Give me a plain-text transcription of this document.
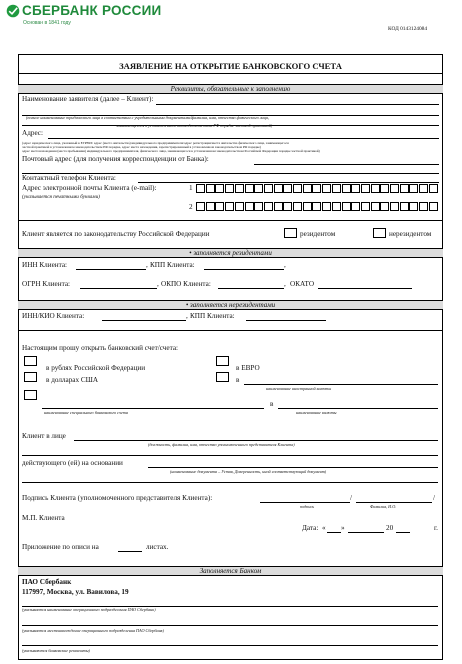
СБЕРБАНК РОССИИ
Основан в 1841 году
КОД 0143124084
ЗАЯВЛЕНИЕ НА ОТКРЫТИЕ БАНКОВСКОГО СЧЕТА
Реквизиты, обязательные к заполнению
Наименование заявителя (далее – Клиент):
(полное наименование юридического лица в соответствии с учредительными документами/фамилия, имя, отчество физического лица,
занимающегося в установленном законодательством РФ порядке частной практикой)
Адрес:
(адрес юридического лица, указанный в ЕГРЮЛ/ адрес (место жительства) индивидуального предпринимателя/адрес регистрации/места жительства физического лица, занимающегося
частной практикой в установленном законодательством РФ порядке, адрес места нахождения, зарегистрированный в установленном законодательством РФ порядке)
адрес местонахождения (места пребывания) индивидуального предпринимателя, физического лица, занимающегося в установленном законодательством Российской Федерации порядке частной практикой)
Почтовый адрес (для получения корреспонденции от Банка):
Контактный телефон Клиента:
Адрес электронной почты Клиента (e-mail):	1
(указывается печатными буквами)
2
Клиент является по законодательству Российской Федерации	резидентом	нерезидентом
• заполняется резидентами
ИНН Клиента:	, КПП Клиента:	,
ОГРН Клиента:	, ОКПО Клиента:	, ОКАТО
• заполняется нерезидентами
ИНН/КИО Клиента:	, КПП Клиента:
Настоящим прошу открыть банковский счет/счета:
в рублях Российской Федерации
в долларах США
в ЕВРО
в
наименование иностранной валюты
в
наименование специального банковского счета	наименование валюты
Клиент в лице
(должность, фамилия, имя, отчество уполномоченного представителя Клиента)
действующего (ей) на основании
(наименование документа – Устав, Доверенность, иной соответствующий документ)
Подпись Клиента (уполномоченного представителя Клиента):	/	/
подпись	Фамилия, И.О.
М.П. Клиента
Дата: « »	20	г.
Приложение по описи на	листах.
Заполняется Банком
ПАО Сбербанк
117997, Москва, ул. Вавилова, 19
(указывается наименование операционного подразделения ПАО Сбербанк)
(указывается местонахождение операционного подразделения ПАО Сбербанк)
(указываются банковские реквизиты)
